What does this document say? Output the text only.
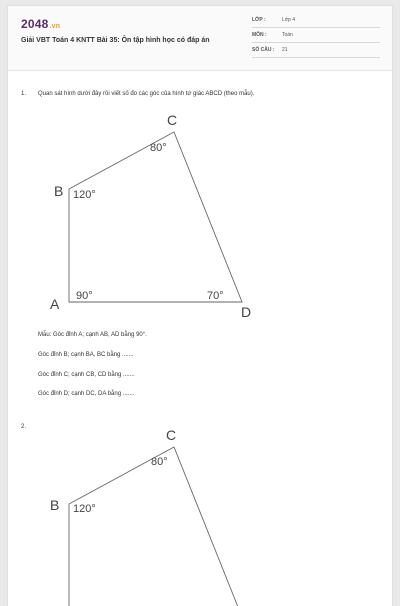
2048.vn
Giải VBT Toán 4 KNTT Bài 35: Ôn tập hình học có đáp án
LỚP :	Lớp 4
MÔN :	Toán
SỐ CÂU : 21
1. Quan sát hình dưới đây rồi viết số đo các góc của hình tứ giác ABCD (theo mẫu).
B
C
A	D
120°
80°
90°	70°
B
C
120°
80°
Mẫu: Góc đỉnh A; cạnh AB, AD bằng 90°.
Góc đỉnh B; cạnh BA, BC bằng .......
Góc đỉnh C; cạnh CB, CD bằng .......
Góc đỉnh D; cạnh DC, DA bằng .......
2.
